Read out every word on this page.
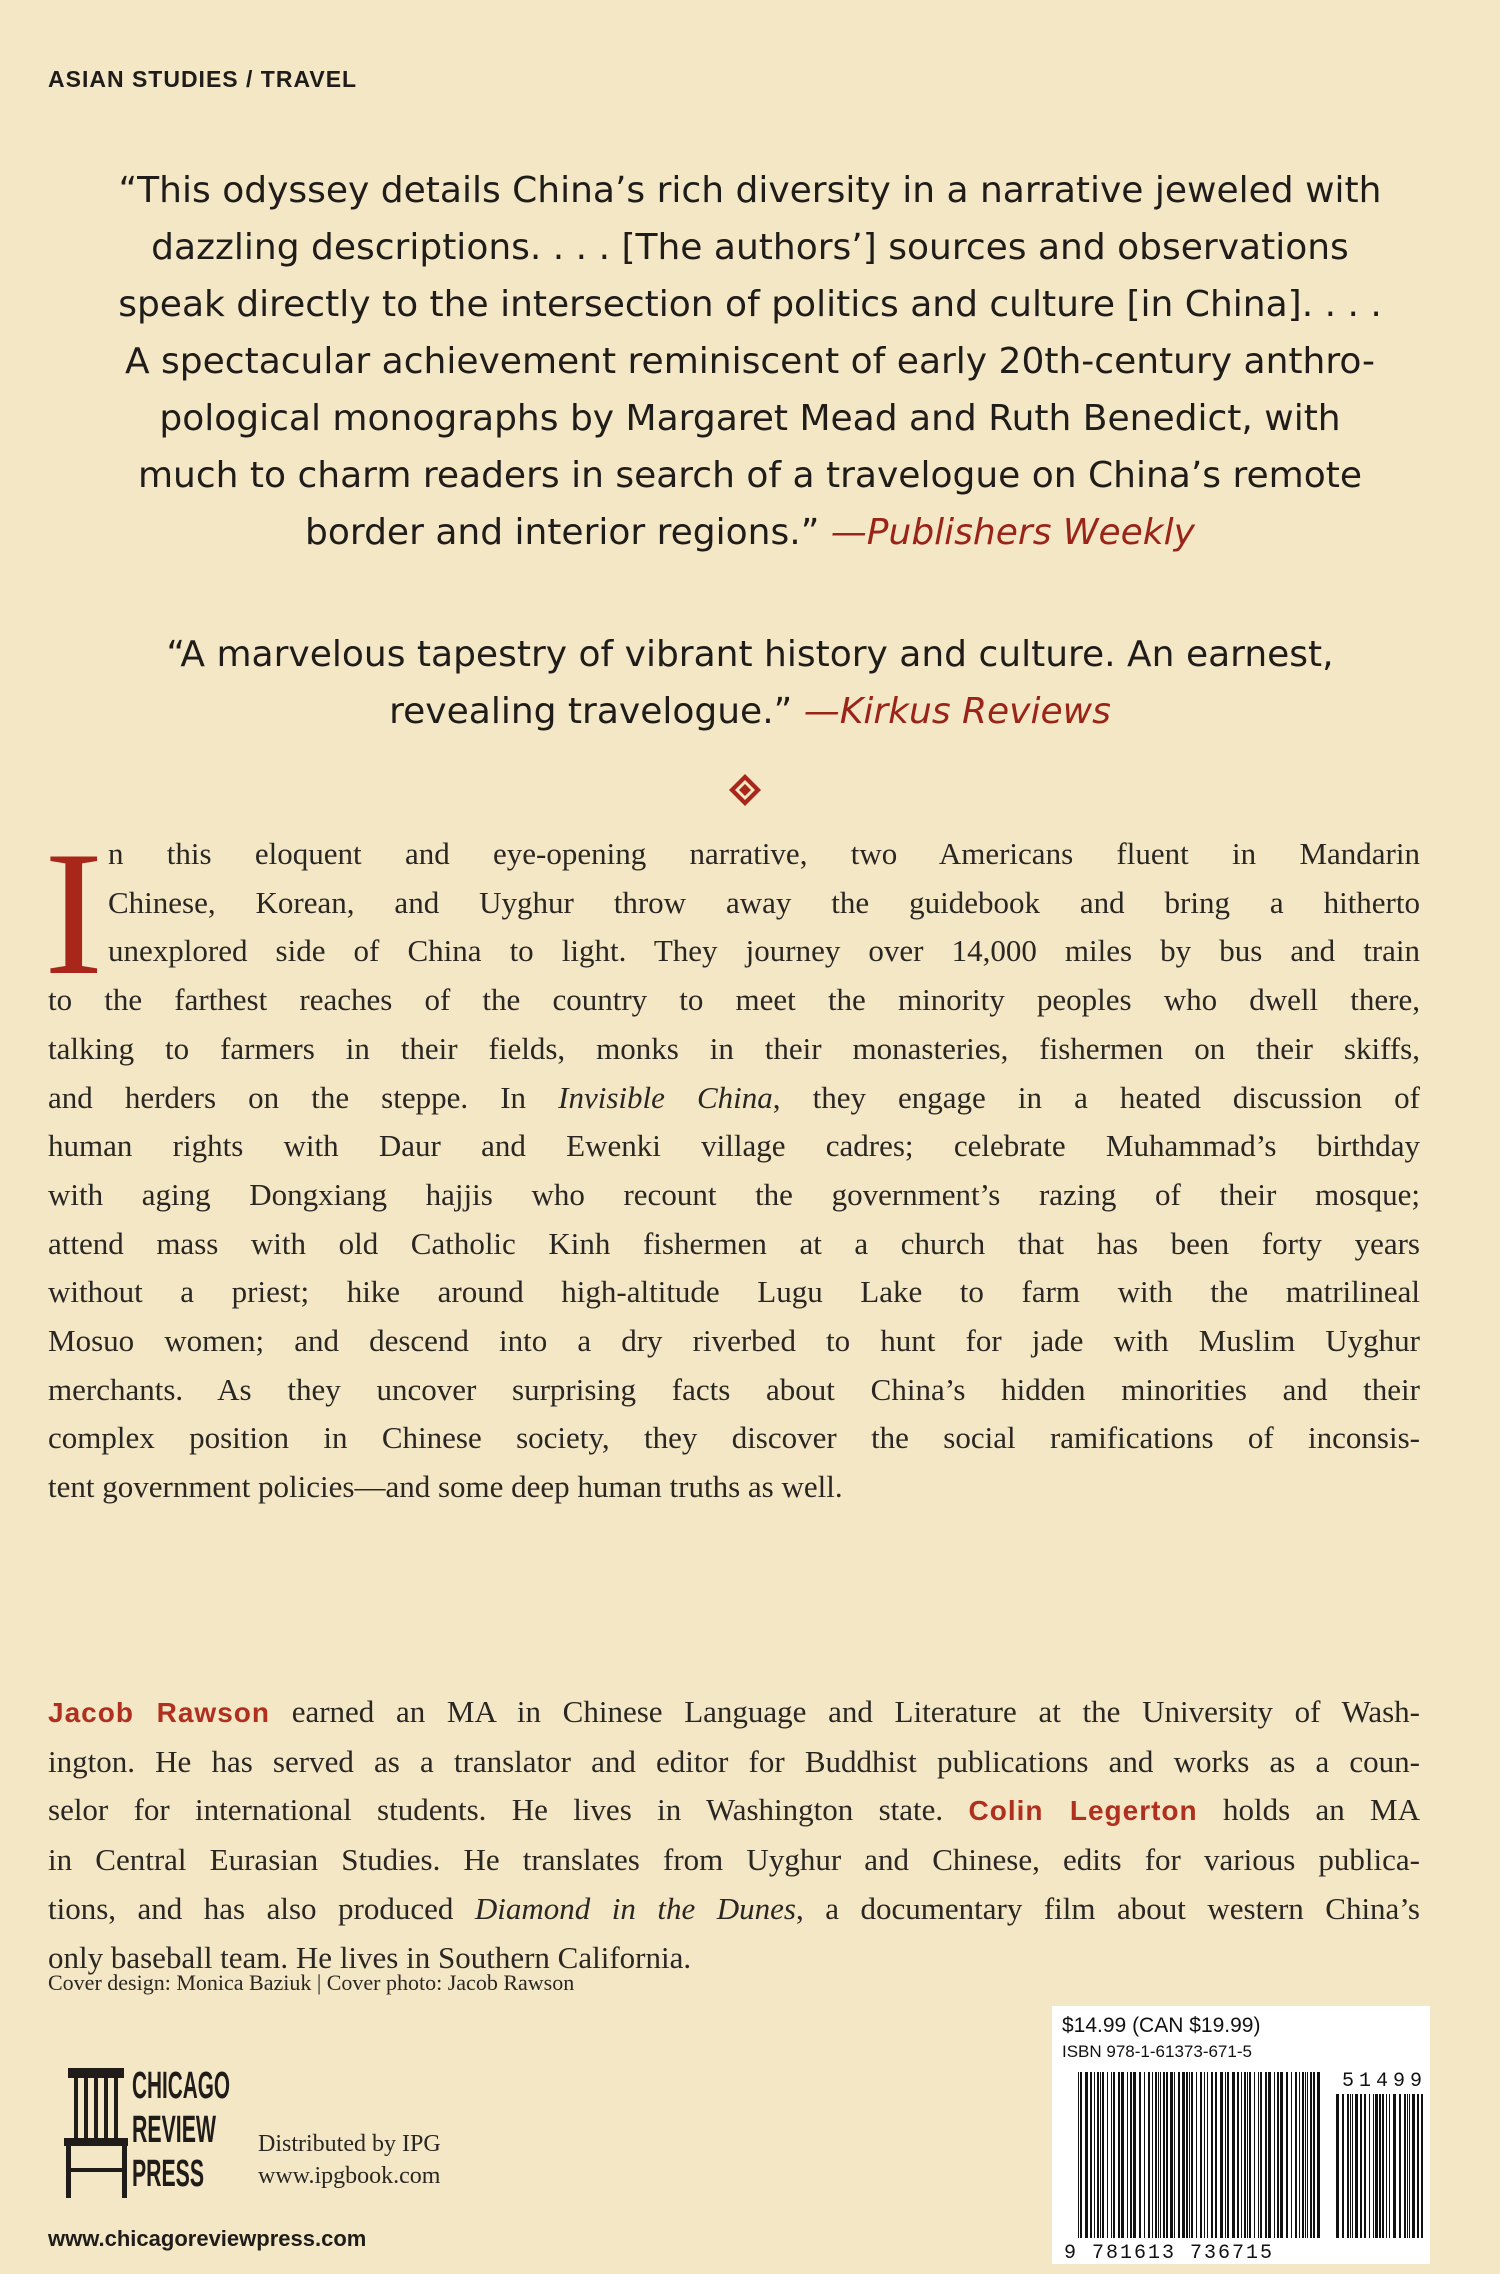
ASIAN STUDIES / TRAVEL
“This odyssey details China’s rich diversity in a narrative jeweled with
dazzling descriptions. . . . [The authors’] sources and observations
speak directly to the intersection of politics and culture [in China]. . . .
A spectacular achievement reminiscent of early 20th-century anthro-
pological monographs by Margaret Mead and Ruth Benedict, with
much to charm readers in search of a travelogue on China’s remote
border and interior regions.” —Publishers Weekly
“A marvelous tapestry of vibrant history and culture. An earnest,
revealing travelogue.” —Kirkus Reviews
I n this eloquent and eye-opening narrative, two Americans fluent in Mandarin
Chinese, Korean, and Uyghur throw away the guidebook and bring a hitherto
unexplored side of China to light. They journey over 14,000 miles by bus and train
to the farthest reaches of the country to meet the minority peoples who dwell there,
talking to farmers in their fields, monks in their monasteries, fishermen on their skiffs,
and herders on the steppe. In Invisible China, they engage in a heated discussion of
human rights with Daur and Ewenki village cadres; celebrate Muhammad’s birthday
with aging Dongxiang hajjis who recount the government’s razing of their mosque;
attend mass with old Catholic Kinh fishermen at a church that has been forty years
without a priest; hike around high-altitude Lugu Lake to farm with the matrilineal
Mosuo women; and descend into a dry riverbed to hunt for jade with Muslim Uyghur
merchants. As they uncover surprising facts about China’s hidden minorities and their
complex position in Chinese society, they discover the social ramifications of inconsis-
tent government policies—and some deep human truths as well.
Jacob Rawson earned an MA in Chinese Language and Literature at the University of Wash-
ington. He has served as a translator and editor for Buddhist publications and works as a coun-
selor for international students. He lives in Washington state. Colin Legerton holds an MA
in Central Eurasian Studies. He translates from Uyghur and Chinese, edits for various publica-
tions, and has also produced Diamond in the Dunes, a documentary film about western China’s
only baseball team. He lives in Southern California.
Cover design: Monica Baziuk | Cover photo: Jacob Rawson
CHICAGO
REVIEW
PRESS
Distributed by IPG
www.ipgbook.com
www.chicagoreviewpress.com
$14.99 (CAN $19.99)
ISBN 978-1-61373-671-5
51499
9 781613 736715
